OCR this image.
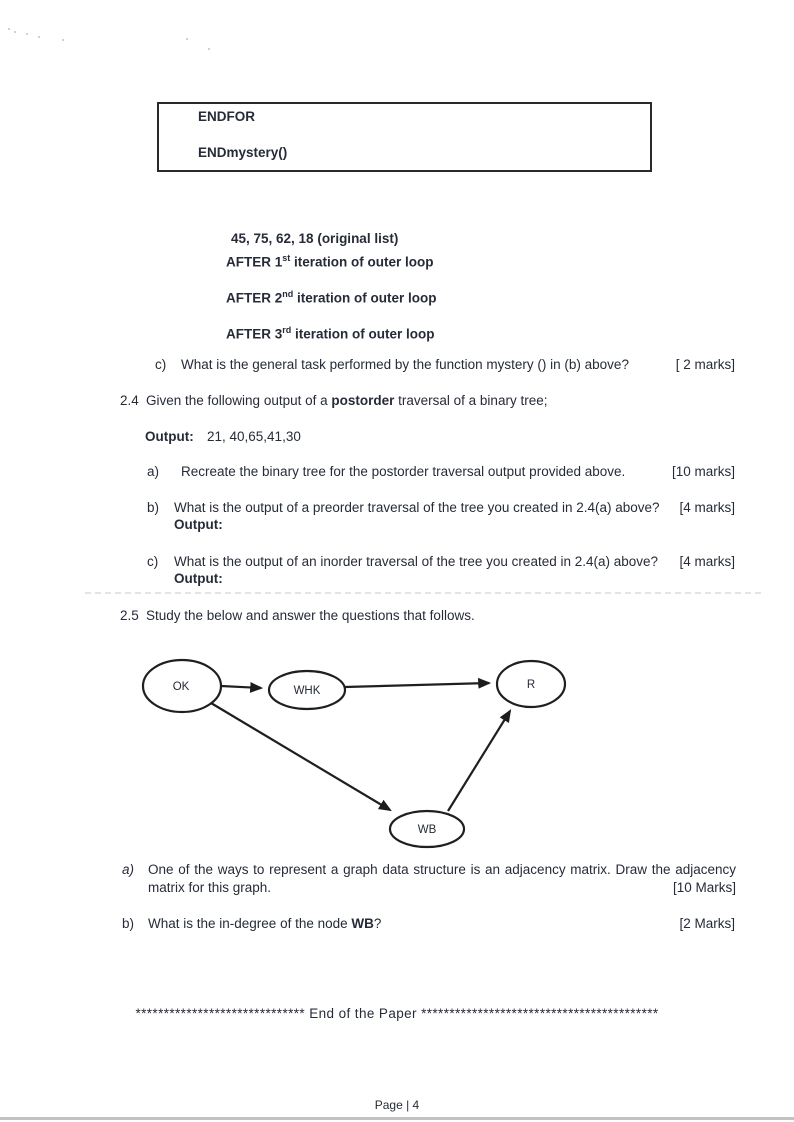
ENDFOR
ENDmystery()
45, 75, 62, 18 (original list)
AFTER 1st iteration of outer loop
AFTER 2nd iteration of outer loop
AFTER 3rd iteration of outer loop
c) What is the general task performed by the function mystery () in (b) above?	[ 2 marks]
2.4 Given the following output of a postorder traversal of a binary tree;
Output: 21, 40,65,41,30
a) Recreate the binary tree for the postorder traversal output provided above.	[10 marks]
b) What is the output of a preorder traversal of the tree you created in 2.4(a) above? [4 marks]
Output:
c) What is the output of an inorder traversal of the tree you created in 2.4(a) above? [4 marks]
Output:
2.5 Study the below and answer the questions that follows.
OK	WHK	R
WB
a) One of the ways to represent a graph data structure is an adjacency matrix. Draw the adjacency
matrix for this graph.	[10 Marks]
b) What is the in-degree of the node WB?	[2 Marks]
****************************** End of the Paper ******************************************
Page | 4
